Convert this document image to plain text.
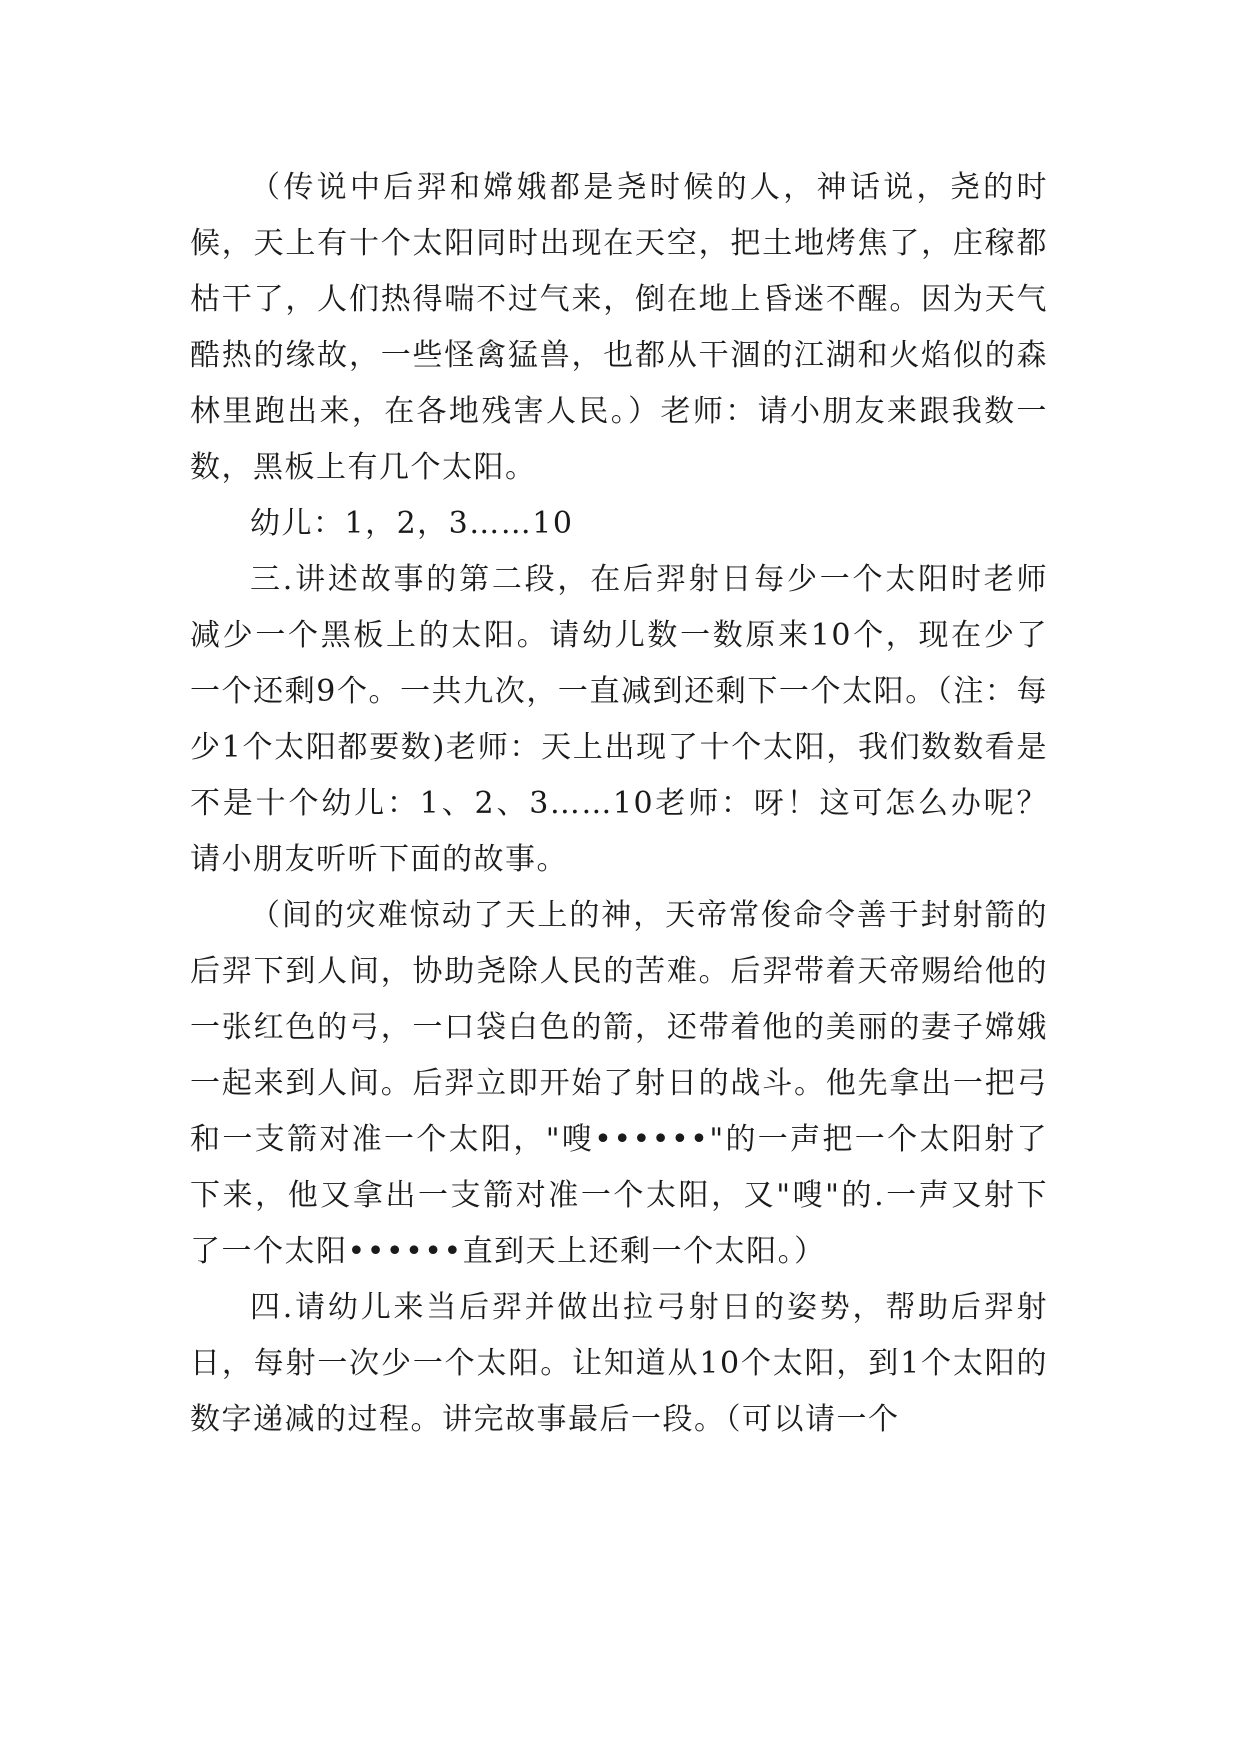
（传说中后羿和嫦娥都是尧时候的人，神话说，尧的时候，天上有十个太阳同时出现在天空，把土地烤焦了，庄稼都枯干了，人们热得喘不过气来，倒在地上昏迷不醒。因为天气酷热的缘故，一些怪禽猛兽，也都从干涸的江湖和火焰似的森林里跑出来，在各地残害人民。）老师：请小朋友来跟我数一数，黑板上有几个太阳。

幼儿：1，2，3……10

三.讲述故事的第二段，在后羿射日每少一个太阳时老师减少一个黑板上的太阳。请幼儿数一数原来10个，现在少了一个还剩9个。一共九次，一直减到还剩下一个太阳。（注：每少1个太阳都要数)老师：天上出现了十个太阳，我们数数看是不是十个幼儿：1、2、3……10老师：呀！这可怎么办呢？请小朋友听听下面的故事。

（间的灾难惊动了天上的神，天帝常俊命令善于封射箭的后羿下到人间，协助尧除人民的苦难。后羿带着天帝赐给他的一张红色的弓，一口袋白色的箭，还带着他的美丽的妻子嫦娥一起来到人间。后羿立即开始了射日的战斗。他先拿出一把弓和一支箭对准一个太阳，"嗖••••••"的一声把一个太阳射了下来，他又拿出一支箭对准一个太阳，又"嗖"的.一声又射下了一个太阳••••••直到天上还剩一个太阳。）

四.请幼儿来当后羿并做出拉弓射日的姿势，帮助后羿射日，每射一次少一个太阳。让知道从10个太阳，到1个太阳的数字递减的过程。讲完故事最后一段。（可以请一个
